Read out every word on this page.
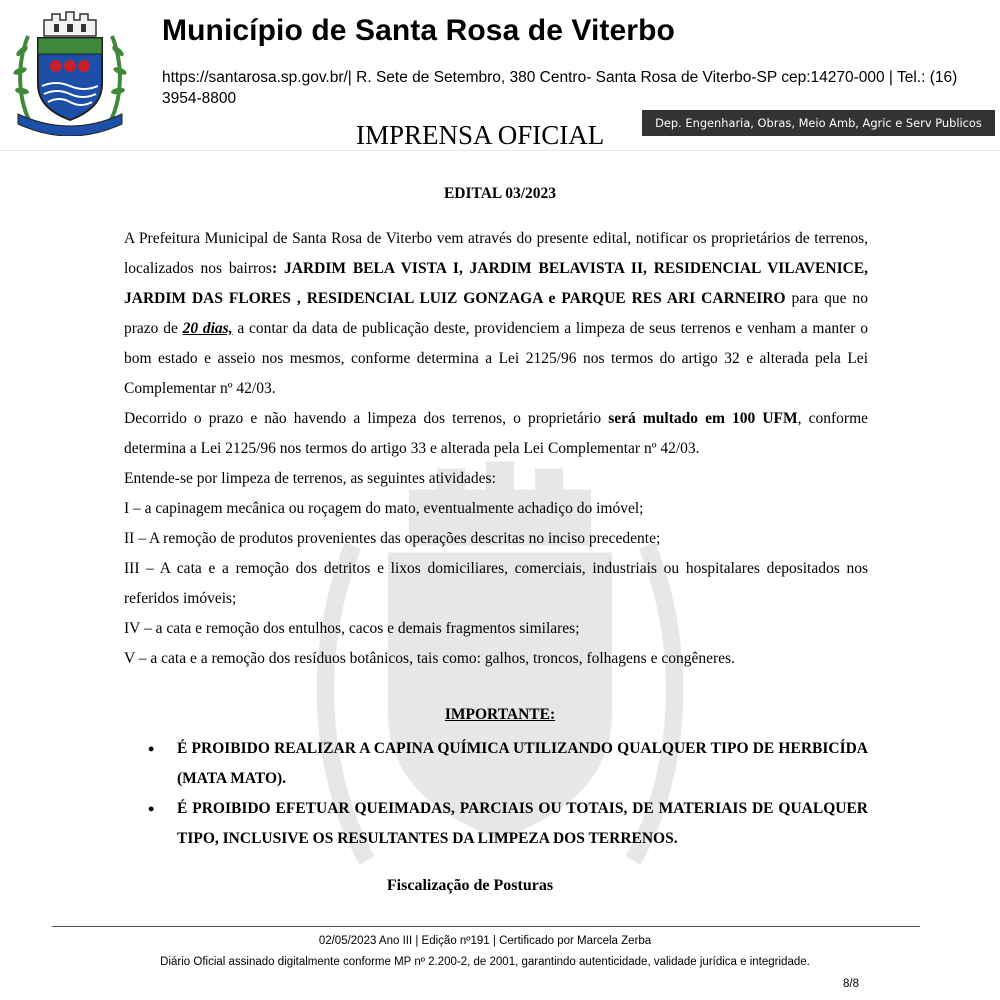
Município de Santa Rosa de Viterbo
https://santarosa.sp.gov.br/| R. Sete de Setembro, 380 Centro- Santa Rosa de Viterbo-SP cep:14270-000 | Tel.: (16) 3954-8800
IMPRENSA OFICIAL	Dep. Engenharia, Obras, Meio Amb, Agric e Serv Publicos
EDITAL 03/2023

A Prefeitura Municipal de Santa Rosa de Viterbo vem através do presente edital, notificar os proprietários de terrenos, localizados nos bairros: JARDIM BELA VISTA I, JARDIM BELAVISTA II, RESIDENCIAL VILAVENICE, JARDIM DAS FLORES , RESIDENCIAL LUIZ GONZAGA e PARQUE RES ARI CARNEIRO para que no prazo de 20 dias, a contar da data de publicação deste, providenciem a limpeza de seus terrenos e venham a manter o bom estado e asseio nos mesmos, conforme determina a Lei 2125/96 nos termos do artigo 32 e alterada pela Lei Complementar nº 42/03.

Decorrido o prazo e não havendo a limpeza dos terrenos, o proprietário será multado em 100 UFM, conforme determina a Lei 2125/96 nos termos do artigo 33 e alterada pela Lei Complementar nº 42/03.

Entende-se por limpeza de terrenos, as seguintes atividades:

I – a capinagem mecânica ou roçagem do mato, eventualmente achadiço do imóvel;

II – A remoção de produtos provenientes das operações descritas no inciso precedente;

III – A cata e a remoção dos detritos e lixos domiciliares, comerciais, industriais ou hospitalares depositados nos referidos imóveis;

IV – a cata e remoção dos entulhos, cacos e demais fragmentos similares;

V – a cata e a remoção dos resíduos botânicos, tais como: galhos, troncos, folhagens e congêneres.

IMPORTANTE:
• É PROIBIDO REALIZAR A CAPINA QUÍMICA UTILIZANDO QUALQUER TIPO DE HERBICÍDA (MATA MATO).
• É PROIBIDO EFETUAR QUEIMADAS, PARCIAIS OU TOTAIS, DE MATERIAIS DE QUALQUER TIPO, INCLUSIVE OS RESULTANTES DA LIMPEZA DOS TERRENOS.
Fiscalização de Posturas
02/05/2023 Ano III | Edição nº191 | Certificado por Marcela Zerba
Diário Oficial assinado digitalmente conforme MP nº 2.200-2, de 2001, garantindo autenticidade, validade jurídica e integridade.
8/8
